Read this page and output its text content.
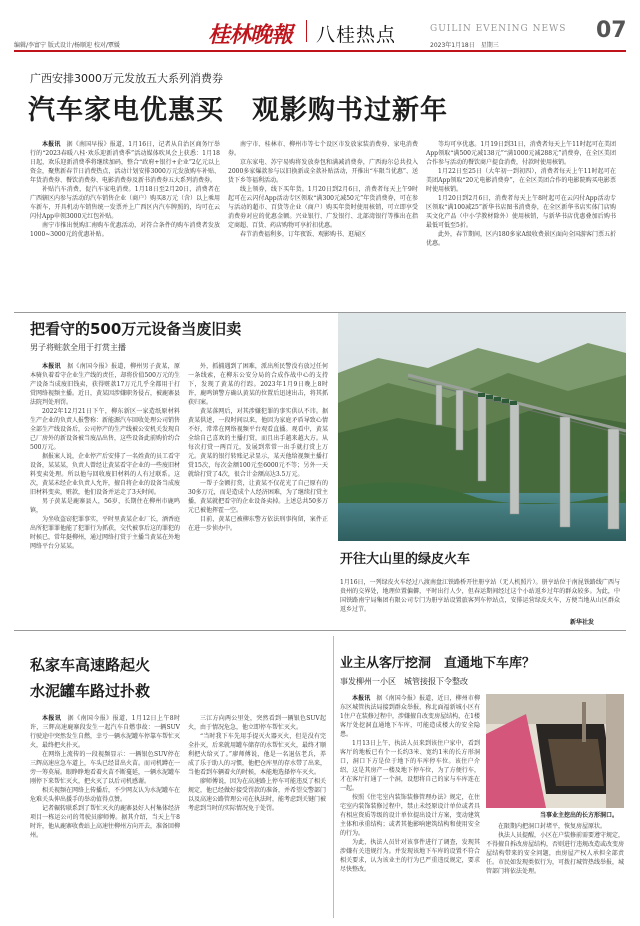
编辑/李富宁 版式设计/杨顺迎 校对/覃媛	桂林晚報 八桂热点	GUILIN EVENING NEWS
2023年1月18日　星期三
07
广西安排3000万元发放五大系列消费券
汽车家电优惠买　观影购书过新年

本报讯　据《南国早报》报道，1月16日，记者从自治区商务厅举行的“2023春暖八桂·欢乐迎新消费季”活动媒体吹风会上获悉：1月18日起，欢乐迎新消费季将继续加码，整合“政府+银行+企业”2亿元以上资金，聚焦新春节日消费热点，活动计划安排3000万元发放购车补贴、年货消费券、餐饮消费券、电影消费券及新书消费券五大系列消费券。

补贴汽车消费，促汽车家电消费。1月18日至2月20日，消费者在广西辖区内参与活动的汽车销售企业（商户）购买8万元（含）以上乘用车新车，开具机动车销售统一发票并上广西区内汽车牌照的，均可在云闪付App申领3000元红包补贴。

南宁市推出悦购汇南购车优惠活动，对符合条件的购车消费者发放1000~3000元的优惠补贴。

南宁市、桂林市、柳州市等七个设区市发放家装消费券、家电消费券。

京东家电、苏宁易购将发放券包和满减消费券，广西海尔总共投入2000多家爆款参与以旧换新或全款补贴活动，开推出“车限当优惠”、送货下乡等福利活动。

线上领券，线下买年货。1月20日到2月6日，消费者每天上午9时起可在云闪付App活动专区领取“满300元减50元”年货消费券，可在参与活动的超市、百货等企业（商户）购买年货时使用核销，可立即享受消费券对应的优惠金额。兴业银行、广发银行、北部湾银行等推出在指定商超、百货、药店购物可享折扣优惠。

春节消费福利多，订年夜饭、观影购书、逛展区

等均可享优惠。1月19日到31日，消费者每天上午11时起可在美团App领取“满500元减138元”“满1000元减288元”消费券，在全区美团合作参与活动的餐饮商户提食消费，付款时使用核销。

1月22日至25日（大年初一到初四），消费者每天上午11时起可在美团App领取“20元电影消费券”，在全区美团合作的电影院购买电影票时使用核销。

1月20日到2月6日，消费者每天上午8时起可在云闪付App活动专区领取“满100减25”新华书店图书消费券，在全区新华书店实体门店购买文化产品（中小学教材除外）使用核销，与新华书店优惠叠加后购书最低可低至5折。

此外，春节期间，区内180多家A级收费景区面向全国游客门票五折优惠。

把看守的500万元设备当废旧卖
男子将赃款全用于打赏主播

本报讯　据《南国今报》报道，柳州男子黄某，原本骑负着看守企业生产线的责任，却将价值500万元的生产设备当成废旧钱卖，获得赃款17万元几乎全都用于打赏网络视频主播。近日，黄某因涉嫌职务侵占，被鹿寨县法院判处刑罚。

2022年12月21日下午，柳东新区一家造纸原材料生产企业的负责人报警称：新能源汽车回收处理公司销售全部生产线设备后，公司停产的生产线被公安机关发现自己厂房外的新设备被当废品出售，这些设备此前购价约合500万元。

据报案人说，企业停产后安排了一名姓黄的员工看守设备，某某某，负责人曾经让黄某看守企业的一些废旧材料变卖处理。所以他与回收废旧材料的人有过联系。这次，黄某未经企业负责人允许，擅自将企业的设备当成废旧材料变卖，赃款，他们设备并运走了3天时间。

男子黄某是鹿寨县人，56岁，长期住在柳州市鹿鸣镇，

为坐收盗窃犯罪事实，平时里黄某企业厂长，酒香庭出所犯罪罪他能了犯罪行为抓获，交代被事后这的罪犯的时候已，常年挺柳州，通过网络打赏于主播当黄某在外地网络平台分某某。

外，抓捕遇到了困难，派出所民警没有放过任何一条线索，在柳东公安分局的合成作战中心的支持下，发现了黄某的行踪。2023年1月9日晚上8时许，鹿鸣镇警方确认黄某的位置后迅速出击，将其抓获归案。

黄某落网后，对其涉嫌犯罪的事实供认不讳。据黄某供述，一段时间以来，他因为家庭矛盾导致心情不好，常常在网络视频平台观看直播。观看中，黄某全给自己喜欢的主播打赏，而且出手越来越大方。从每次打赏一两百元，发展到常常一出手就打赏上万元。黄某的银行转账记录显示，某天他给视频主播打赏15次，每次金额100元至6000元不等；另外一天就给打赏了4次，很合计金额高达3.5万元。

一帮子金额打赏，让黄某不仅花光了自己原有的30多万元，而是造成个人经济困难，为了继续打赏主播，黄某就把看守的企业设备卖掉。上述总共50多万元已被他挥霍一空。

目前，黄某已被柳东警方依法刑事拘留，案件正在进一步侦办中。

开往大山里的绿皮火车
1月16日，一列绿皮火车经过八渡南盘江铁路桥开往册亨站（无人机照片）。册亨站位于南昆铁路线广西与贵州的交界处，地理位置偏僻，平时出行人少，但春运期间经过这个小站返乡过年的群众较多。为此，中国铁路南宁局集团有限公司专门为册亨站设置旅客列车停站点，安排运营绿皮火车，方便当地从山区群众返乡过节。
新华社发
私家车高速路起火
水泥罐车路过扑救

本报讯　据《南国今报》报道，1月12日上午8时许，三辉高速鹿寨段发生一起汽车自燃事故：一辆SUV行驶途中突然发生自燃，幸亏一辆水泥罐车停靠车帮忙灭火，最终把火扑灭。

在网络上流传的一段视频显示：一辆银色SUV停在三辉高速应急车道上，车头已经冒出火苗。而司机蹲在一旁一筹莫展。眼睁睁地看着火苗不断蔓延，一辆水泥罐车刚停下来帮忙灭火，把火灭了以后司机感谢。

相关视频在网络上传播后，不少网友认为水泥罐车在危难关头伸出援手的举动值得点赞。

记者辗转联系到了帮忙灭火的鹿寨县好人村集体经济项目一栋运公司的驾驶员廖师傅。据其介绍，当天上午8时许，他从鹿寨收费站上高速往柳州方向开去，准备回柳州。

三江方向两公里处，突然看到一辆银色SUV起火，由于情况危急，他立即停车帮忙灭火。

“当时我下车先用手提灭火器灭火，但是没有完全扑灭，后来就用罐车储存的水帮忙灭火，最终才顺利把火给灭了。”廖师傅说，他是一名退伍老兵，养成了乐于助人的习惯，他把仓库里的存水带了出来，当他看到车辆着火的时候，本能地选择停车灭火。

廖师傅说，因为在高速路上停车可能违反了相关规定，他已经做好接受罚款的准备，并希望交警部门以及高速公路管理公司在执法时，能考虑到关键门被考虑到当时的实际情况免于处罚。

业主从客厅挖洞　直通地下车库？
事发柳州一小区　城管接报下令整改

本报讯　据《南国今报》报道，近日，柳州市柳东区城管执法局接到群众举报，称北面福新城小区有1住户在装修过程中，涉嫌擅自改变房屋结构，在1楼客厅处挖洞直通地下车库，可能造成楼大的安全隐患。

1月13日上午，执法人员来到该住户家中，看到客厅的地板已有个一长约3米、宽约1米的长方形洞口，洞口下方是位于地下的车库停车位。该住户介绍，这是其房产一楼及地下停车位，为了方便行车，才在客厅打通了一个洞，设想将自己的家与车库连在一起。

按照《住宅室内装饰装修管理办法》规定，在住宅室内装饰装修过程中，禁止未经原设计单位或者具有相应资质等级的设计单位提出设计方案，变动建筑主体和承重结构；或者其他影响建筑结构和使用安全的行为。

为此，执法人员针对该事件进行了调查，发现其涉嫌有关违规行为。并发现该地下车库的设置不符合相关要求，认为该业主的行为已严重违反规定，要求尽快整改。

当事业主挖出的长方形洞口。

在限期内把洞口封堵平，恢复房屋原状。

执法人员提醒，小区在户装修前需要遵守规定，不得擅自拆改房屋结构，否则进行违规改造或改变房屋结构带来的安全问题，由房屋产权人承担全部责任。市民如发现类似行为，可拨打城管热线举报，城管部门将依法处理。
